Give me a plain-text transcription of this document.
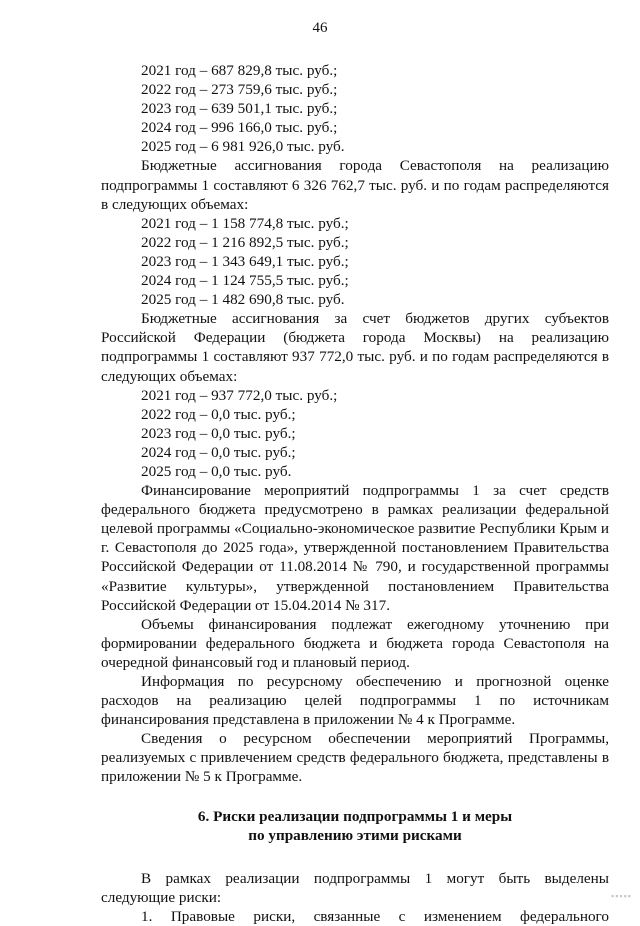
46
2021 год – 687 829,8 тыс. руб.;
2022 год – 273 759,6 тыс. руб.;
2023 год – 639 501,1 тыс. руб.;
2024 год – 996 166,0 тыс. руб.;
2025 год – 6 981 926,0 тыс. руб.

Бюджетные ассигнования города Севастополя на реализацию подпрограммы 1 составляют 6 326 762,7 тыс. руб. и по годам распределяются в следующих объемах:

2021 год – 1 158 774,8 тыс. руб.;
2022 год – 1 216 892,5 тыс. руб.;
2023 год – 1 343 649,1 тыс. руб.;
2024 год – 1 124 755,5 тыс. руб.;
2025 год – 1 482 690,8 тыс. руб.

Бюджетные ассигнования за счет бюджетов других субъектов Российской Федерации (бюджета города Москвы) на реализацию подпрограммы 1 составляют 937 772,0 тыс. руб. и по годам распределяются в следующих объемах:

2021 год – 937 772,0 тыс. руб.;
2022 год – 0,0 тыс. руб.;
2023 год – 0,0 тыс. руб.;
2024 год – 0,0 тыс. руб.;
2025 год – 0,0 тыс. руб.

Финансирование мероприятий подпрограммы 1 за счет средств федерального бюджета предусмотрено в рамках реализации федеральной целевой программы «Социально-экономическое развитие Республики Крым и г. Севастополя до 2025 года», утвержденной постановлением Правительства Российской Федерации от 11.08.2014 № 790, и государственной программы «Развитие культуры», утвержденной постановлением Правительства Российской Федерации от 15.04.2014 № 317.

Объемы финансирования подлежат ежегодному уточнению при формировании федерального бюджета и бюджета города Севастополя на очередной финансовый год и плановый период.

Информация по ресурсному обеспечению и прогнозной оценке расходов на реализацию целей подпрограммы 1 по источникам финансирования представлена в приложении № 4 к Программе.

Сведения о ресурсном обеспечении мероприятий Программы, реализуемых с привлечением средств федерального бюджета, представлены в приложении № 5 к Программе.

6. Риски реализации подпрограммы 1 и меры
по управлению этими рисками

В рамках реализации подпрограммы 1 могут быть выделены следующие риски:

1. Правовые риски, связанные с изменением федерального

▪▪▪▪▪
